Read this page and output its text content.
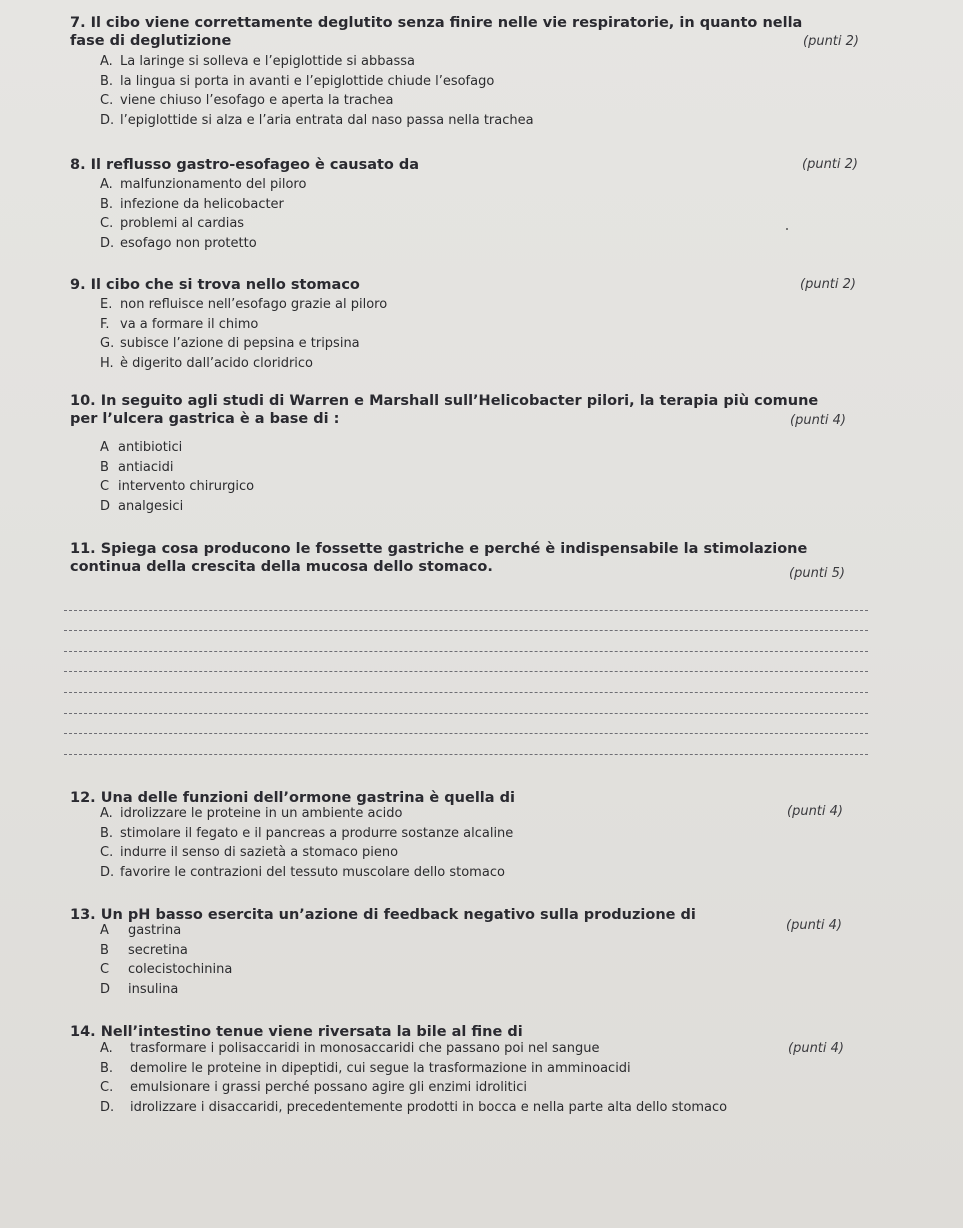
7. Il cibo viene correttamente deglutito senza finire nelle vie respiratorie, in quanto nella
fase di deglutizione	(punti 2)
A. La laringe si solleva e l’epiglottide si abbassa
B. la lingua si porta in avanti e l’epiglottide chiude l’esofago
C. viene chiuso l’esofago e aperta la trachea
D. l’epiglottide si alza e l’aria entrata dal naso passa nella trachea
8. Il reflusso gastro-esofageo è causato da	(punti 2)
A. malfunzionamento del piloro
B. infezione da helicobacter
C. problemi al cardias
D. esofago non protetto
9. Il cibo che si trova nello stomaco	(punti 2)
E. non refluisce nell’esofago grazie al piloro
F. va a formare il chimo
G. subisce l’azione di pepsina e tripsina
H. è digerito dall’acido cloridrico
10. In seguito agli studi di Warren e Marshall sull’Helicobacter pilori, la terapia più comune
per l’ulcera gastrica è a base di :	(punti 4)
A antibiotici
B antiacidi
C intervento chirurgico
D analgesici
11. Spiega cosa producono le fossette gastriche e perché è indispensabile la stimolazione
continua della crescita della mucosa dello stomaco.	(punti 5)
12. Una delle funzioni dell’ormone gastrina è quella di
(punti 4)
A. idrolizzare le proteine in un ambiente acido
B. stimolare il fegato e il pancreas a produrre sostanze alcaline
C. indurre il senso di sazietà a stomaco pieno
D. favorire le contrazioni del tessuto muscolare dello stomaco
13. Un pH basso esercita un’azione di feedback negativo sulla produzione di
(punti 4)
A	gastrina
B	secretina
C	colecistochinina
D	insulina
14. Nell’intestino tenue viene riversata la bile al fine di
(punti 4)
A.	trasformare i polisaccaridi in monosaccaridi che passano poi nel sangue
B.	demolire le proteine in dipeptidi, cui segue la trasformazione in amminoacidi
C.	emulsionare i grassi perché possano agire gli enzimi idrolitici
D.	idrolizzare i disaccaridi, precedentemente prodotti in bocca e nella parte alta dello stomaco
